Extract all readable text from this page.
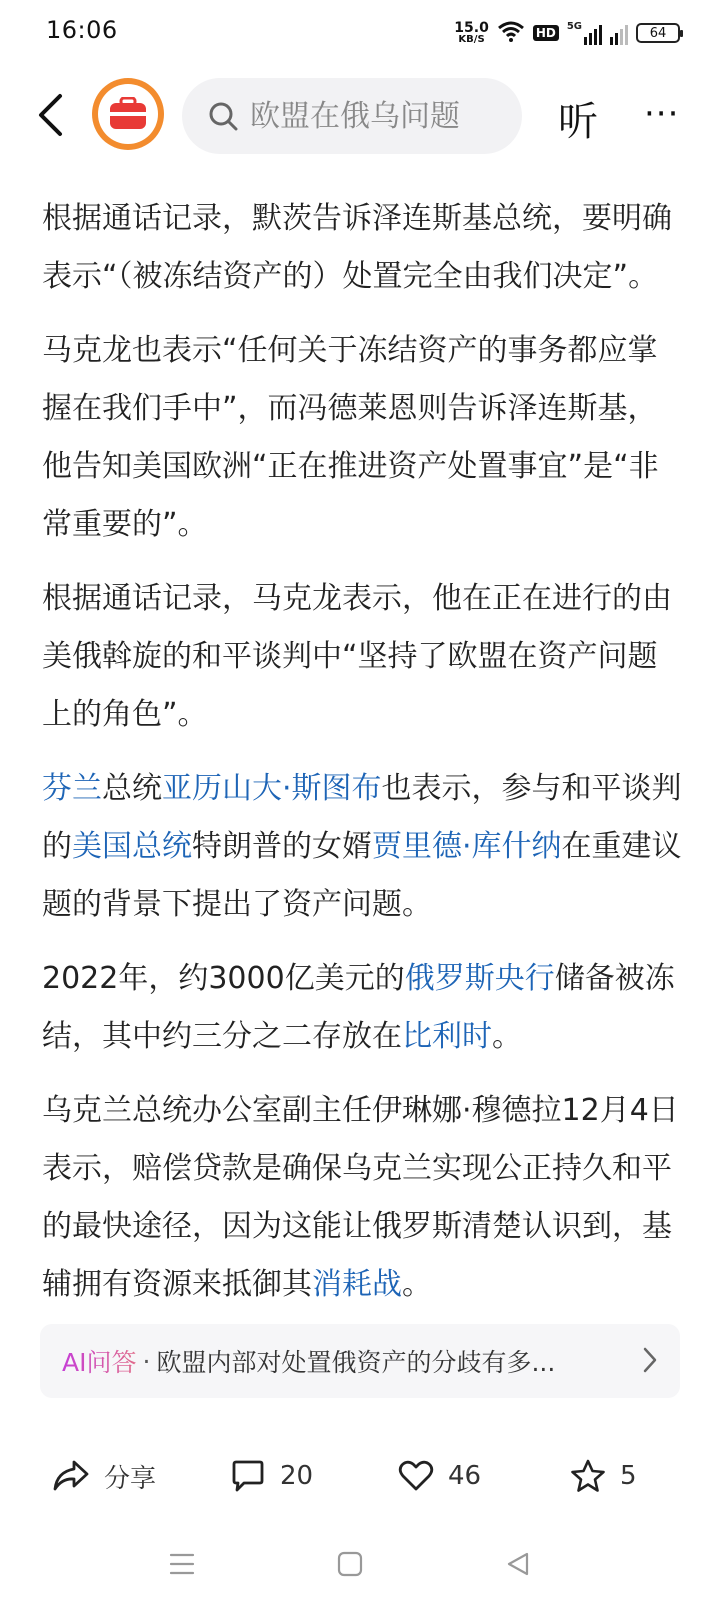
16:06	15.0
KB/S	HD	5G	64
欧盟在俄乌问题
听 ···

根据通话记录，默茨告诉泽连斯基总统，要明确表示“（被冻结资产的）处置完全由我们决定”。

马克龙也表示“任何关于冻结资产的事务都应掌握在我们手中”，而冯德莱恩则告诉泽连斯基，他告知美国欧洲“正在推进资产处置事宜”是“非常重要的”。

根据通话记录，马克龙表示，他在正在进行的由美俄斡旋的和平谈判中“坚持了欧盟在资产问题上的角色”。

芬兰总统亚历山大·斯图布也表示，参与和平谈判的美国总统特朗普的女婿贾里德·库什纳在重建议题的背景下提出了资产问题。

2022年，约3000亿美元的俄罗斯央行储备被冻结，其中约三分之二存放在比利时。

乌克兰总统办公室副主任伊琳娜·穆德拉12月4日表示，赔偿贷款是确保乌克兰实现公正持久和平的最快途径，因为这能让俄罗斯清楚认识到，基辅拥有资源来抵御其消耗战。

AI问答 · 欧盟内部对处置俄资产的分歧有多...
分享	20	46	5
